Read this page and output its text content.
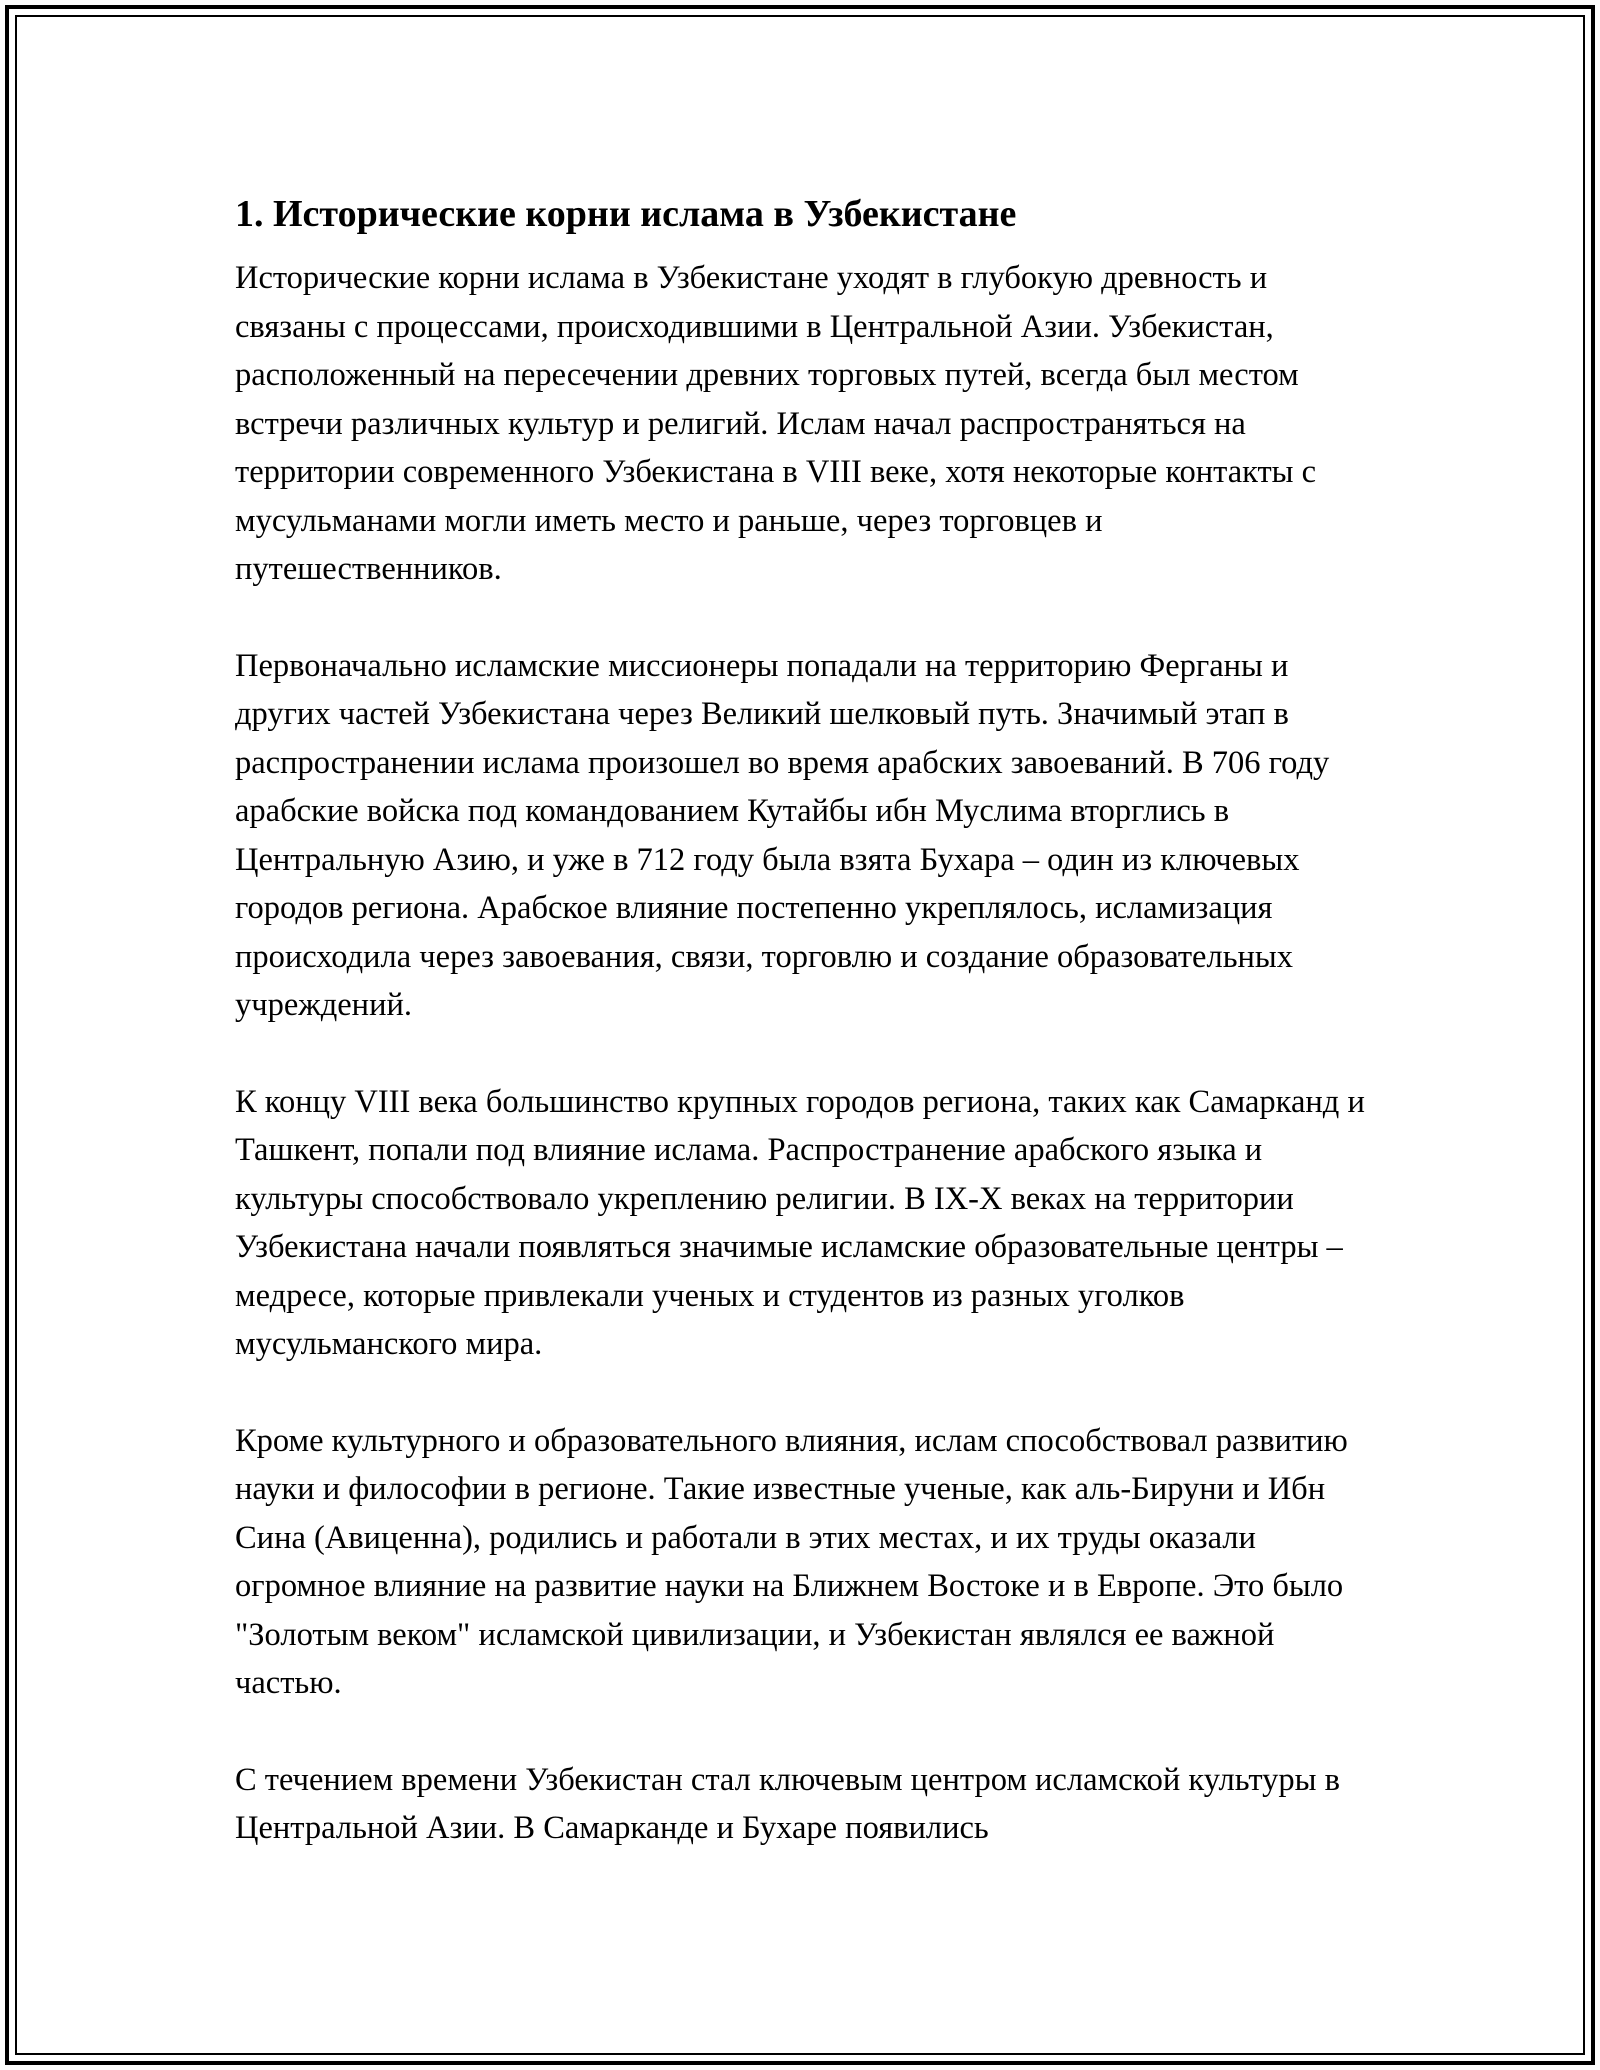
1. Исторические корни ислама в Узбекистане

Исторические корни ислама в Узбекистане уходят в глубокую древность и связаны с процессами, происходившими в Центральной Азии. Узбекистан, расположенный на пересечении древних торговых путей, всегда был местом встречи различных культур и религий. Ислам начал распространяться на территории современного Узбекистана в VIII веке, хотя некоторые контакты с мусульманами могли иметь место и раньше, через торговцев и путешественников.

Первоначально исламские миссионеры попадали на территорию Ферганы и других частей Узбекистана через Великий шелковый путь. Значимый этап в распространении ислама произошел во время арабских завоеваний. В 706 году арабские войска под командованием Кутайбы ибн Муслима вторглись в Центральную Азию, и уже в 712 году была взята Бухара – один из ключевых городов региона. Арабское влияние постепенно укреплялось, исламизация происходила через завоевания, связи, торговлю и создание образовательных учреждений.

К концу VIII века большинство крупных городов региона, таких как Самарканд и Ташкент, попали под влияние ислама. Распространение арабского языка и культуры способствовало укреплению религии. В IX-X веках на территории Узбекистана начали появляться значимые исламские образовательные центры – медресе, которые привлекали ученых и студентов из разных уголков мусульманского мира.

Кроме культурного и образовательного влияния, ислам способствовал развитию науки и философии в регионе. Такие известные ученые, как аль-Бируни и Ибн Сина (Авиценна), родились и работали в этих местах, и их труды оказали огромное влияние на развитие науки на Ближнем Востоке и в Европе. Это было "Золотым веком" исламской цивилизации, и Узбекистан являлся ее важной частью.

С течением времени Узбекистан стал ключевым центром исламской культуры в Центральной Азии. В Самарканде и Бухаре появились
